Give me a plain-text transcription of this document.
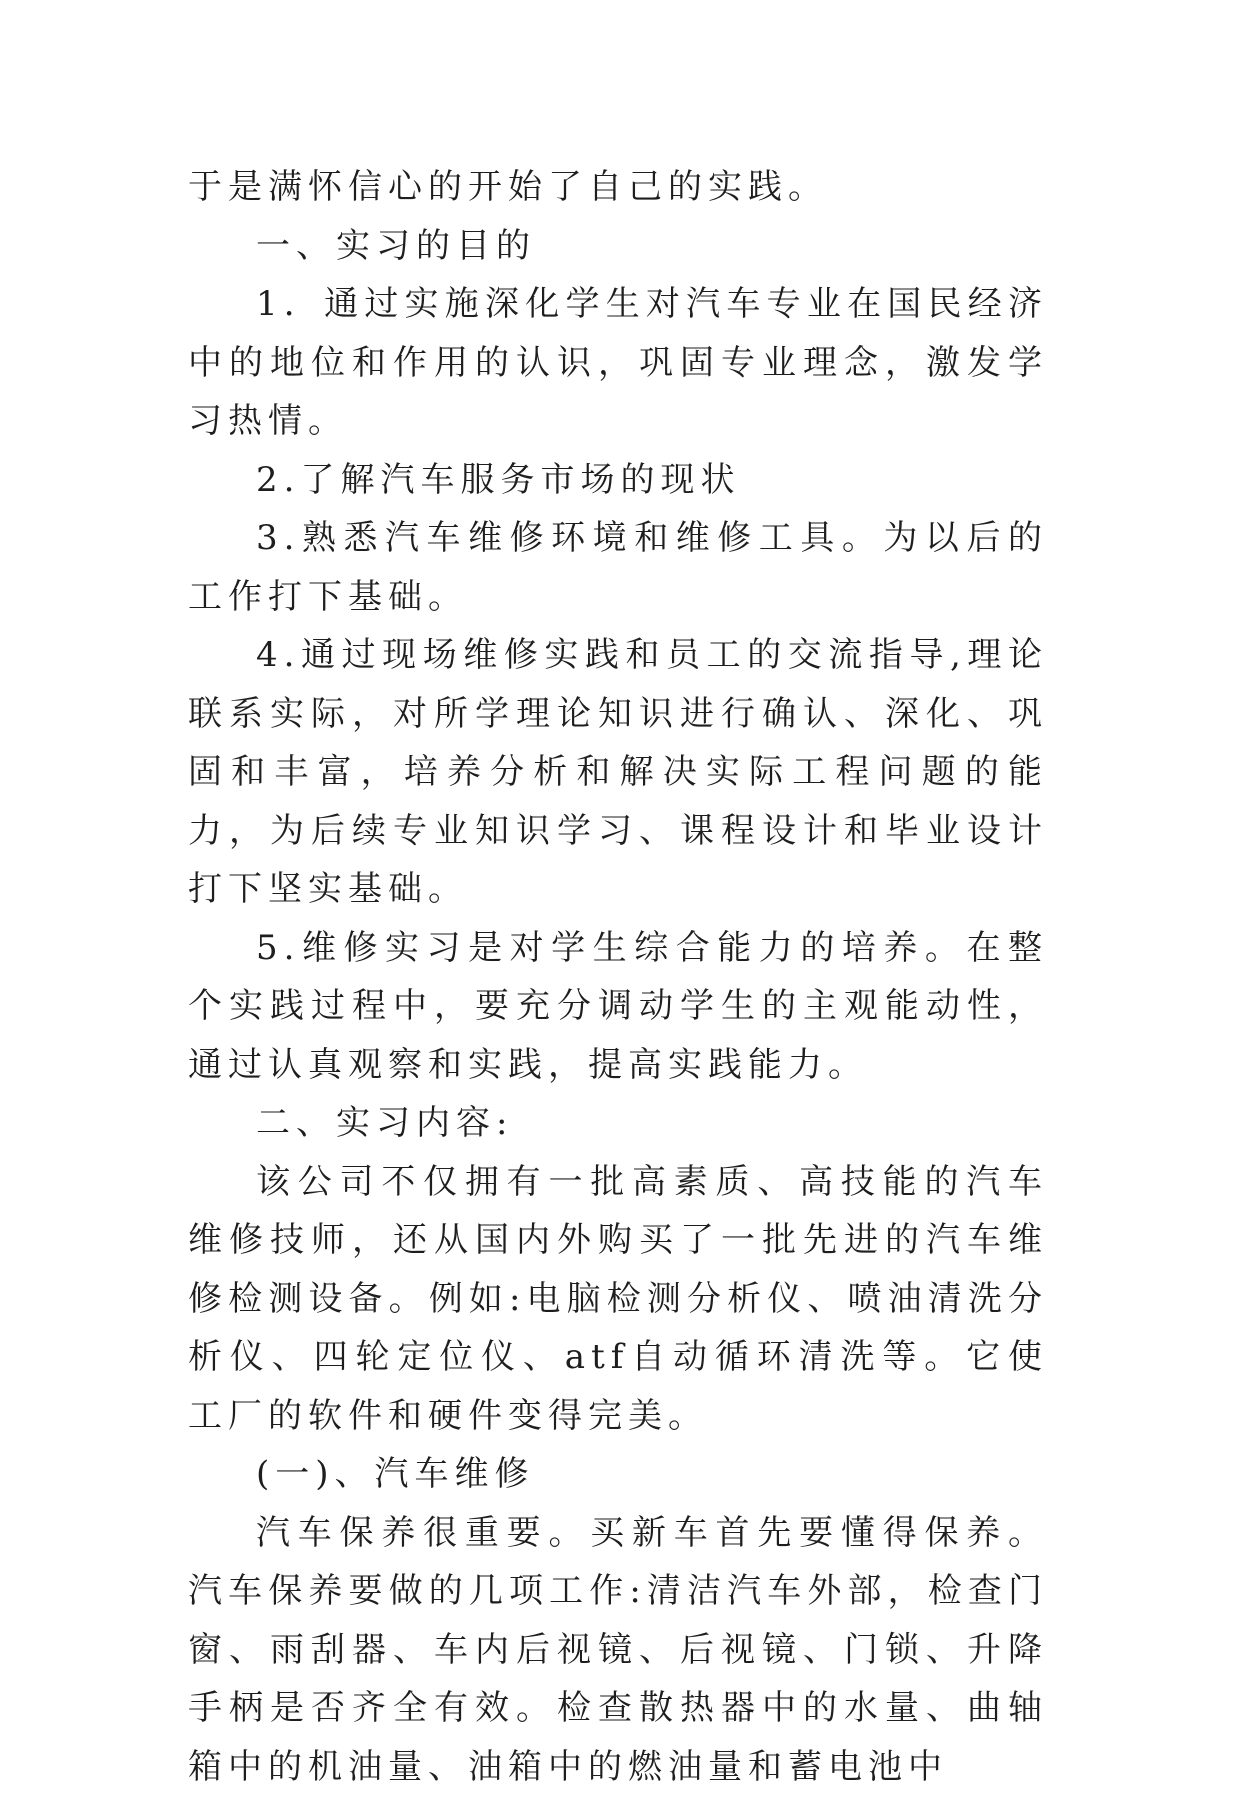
于是满怀信心的开始了自己的实践。

一、实习的目的

1．通过实施深化学生对汽车专业在国民经济中的地位和作用的认识，巩固专业理念，激发学习热情。

2.了解汽车服务市场的现状

3.熟悉汽车维修环境和维修工具。为以后的工作打下基础。

4.通过现场维修实践和员工的交流指导,理论联系实际，对所学理论知识进行确认、深化、巩固和丰富，培养分析和解决实际工程问题的能力，为后续专业知识学习、课程设计和毕业设计打下坚实基础。

5.维修实习是对学生综合能力的培养。在整个实践过程中，要充分调动学生的主观能动性，通过认真观察和实践，提高实践能力。

二、实习内容:

该公司不仅拥有一批高素质、高技能的汽车维修技师，还从国内外购买了一批先进的汽车维修检测设备。例如:电脑检测分析仪、喷油清洗分析仪、四轮定位仪、atf自动循环清洗等。它使工厂的软件和硬件变得完美。

(一)、汽车维修

汽车保养很重要。买新车首先要懂得保养。汽车保养要做的几项工作:清洁汽车外部，检查门窗、雨刮器、车内后视镜、后视镜、门锁、升降手柄是否齐全有效。检查散热器中的水量、曲轴箱中的机油量、油箱中的燃油量和蓄电池中
